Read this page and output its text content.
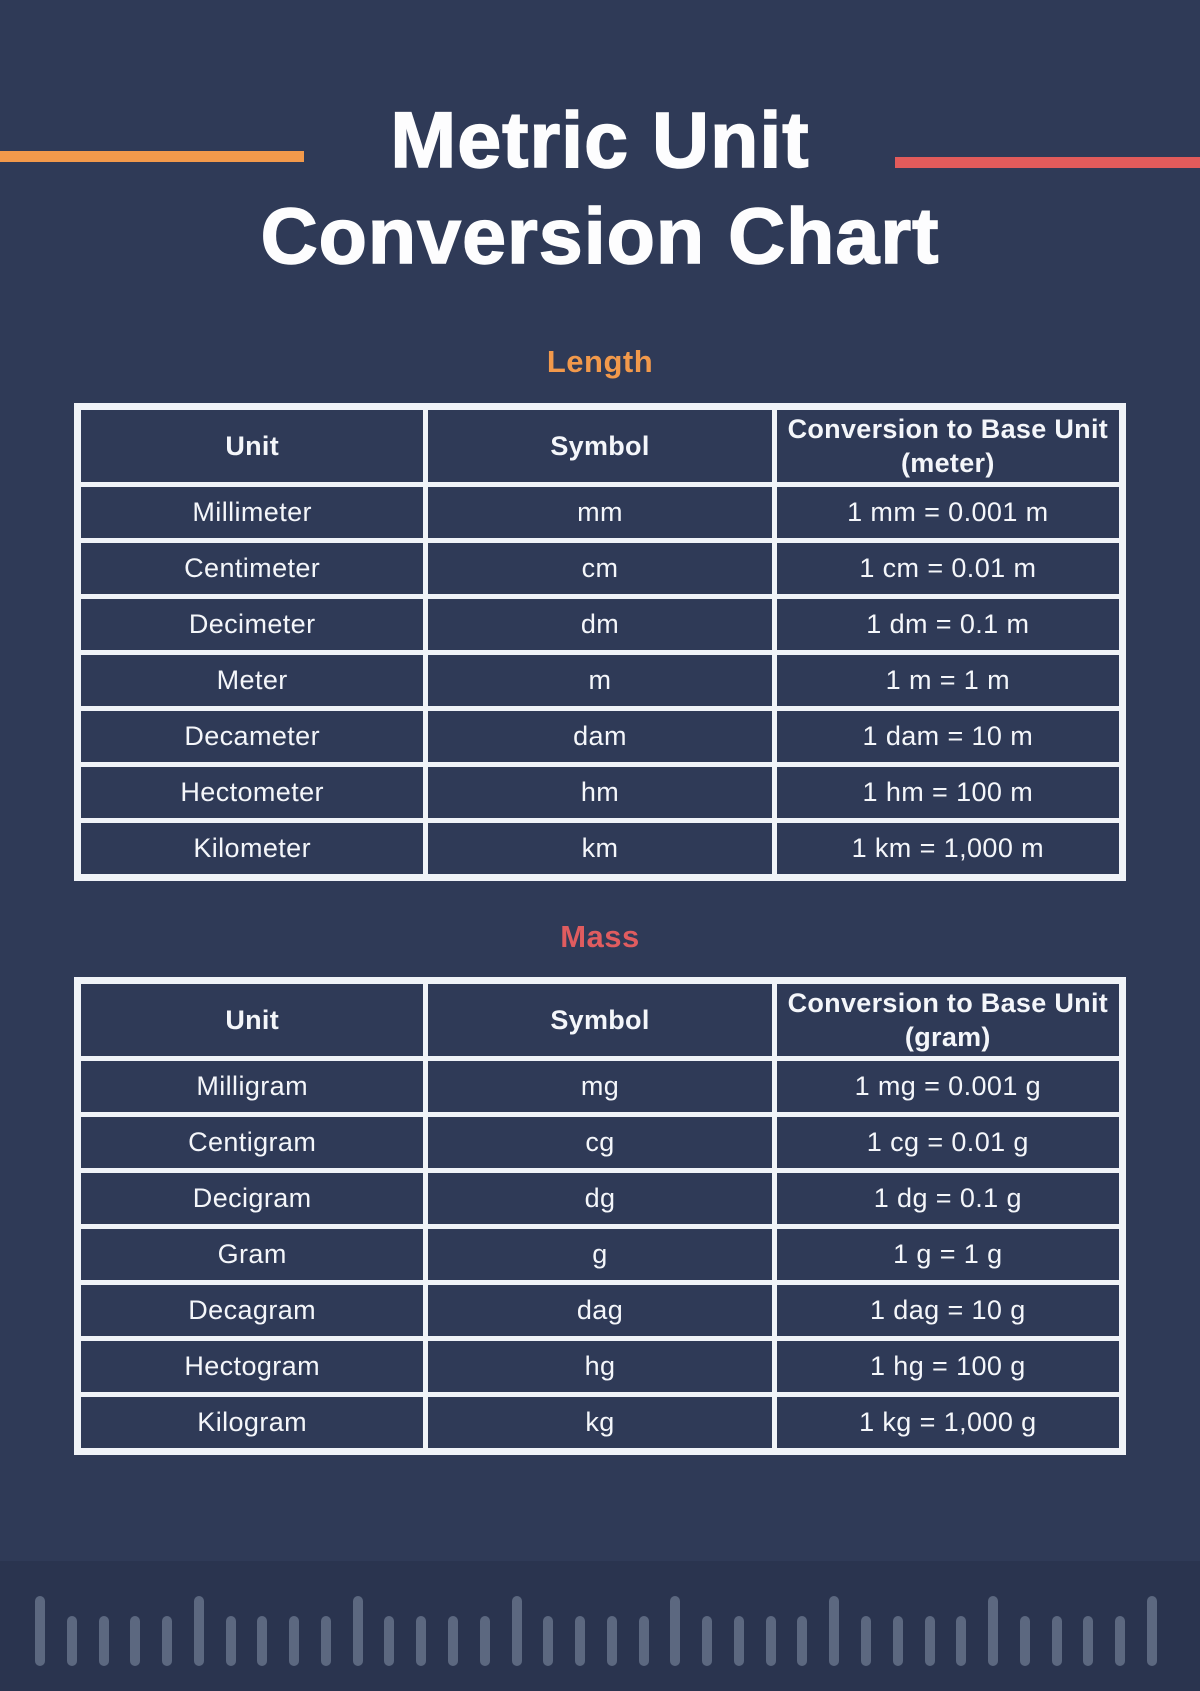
Metric Unit
Conversion Chart
Length
Unit	Symbol	Conversion to Base Unit (meter)
Millimeter	mm	1 mm = 0.001 m
Centimeter	cm	1 cm = 0.01 m
Decimeter	dm	1 dm = 0.1 m
Meter	m	1 m = 1 m
Decameter	dam	1 dam = 10 m
Hectometer	hm	1 hm = 100 m
Kilometer	km	1 km = 1,000 m
Mass
Unit	Symbol	Conversion to Base Unit (gram)
Milligram	mg	1 mg = 0.001 g
Centigram	cg	1 cg = 0.01 g
Decigram	dg	1 dg = 0.1 g
Gram	g	1 g = 1 g
Decagram	dag	1 dag = 10 g
Hectogram	hg	1 hg = 100 g
Kilogram	kg	1 kg = 1,000 g
